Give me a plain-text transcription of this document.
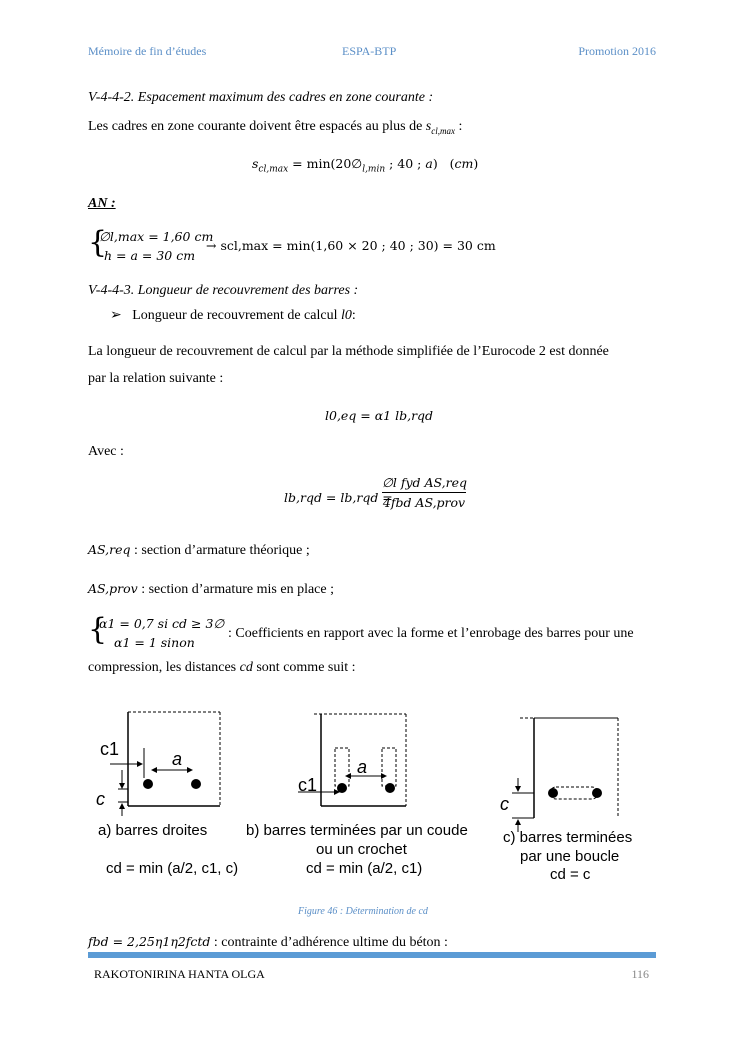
Mémoire de fin d’études	ESPA-BTP	Promotion 2016
V-4-4-2. Espacement maximum des cadres en zone courante :
Les cadres en zone courante doivent être espacés au plus de $s_{cl,max}$ :
$s_{cl,max}$ = $\min(20\emptyset_{l,min}$ ; 40 ; a)   (cm)
AN :
{
∅l,max = 1,60 cm
h = a = 30 cm
→ scl,max = min(1,60 × 20 ; 40 ; 30) = 30 cm
V-4-4-3. Longueur de recouvrement des barres :
➢ Longueur de recouvrement de calcul l0:
La longueur de recouvrement de calcul par la méthode simplifiée de l’Eurocode 2 est donnée
par la relation suivante :
l0,eq = α1 lb,rqd
Avec :
lb,rqd = lb,rqd =
∅l fyd AS,req
4fbd AS,prov
AS,req : section d’armature théorique ;
AS,prov : section d’armature mis en place ;
{
α1 = 0,7 si cd ≥ 3∅
α1 = 1 sinon
: Coefficients en rapport avec la forme et l’enrobage des barres pour une
compression, les distances cd sont comme suit :
c1	a
c
a) barres droites
cd = min (a/2, c1, c)
a
c1
b) barres terminées par un coude
ou un crochet
cd = min (a/2, c1)
c
c) barres terminées
par une boucle
cd = c
Figure 46 : Détermination de cd
fbd = 2,25η1η2fctd : contrainte d’adhérence ultime du béton :
RAKOTONIRINA HANTA OLGA	116
